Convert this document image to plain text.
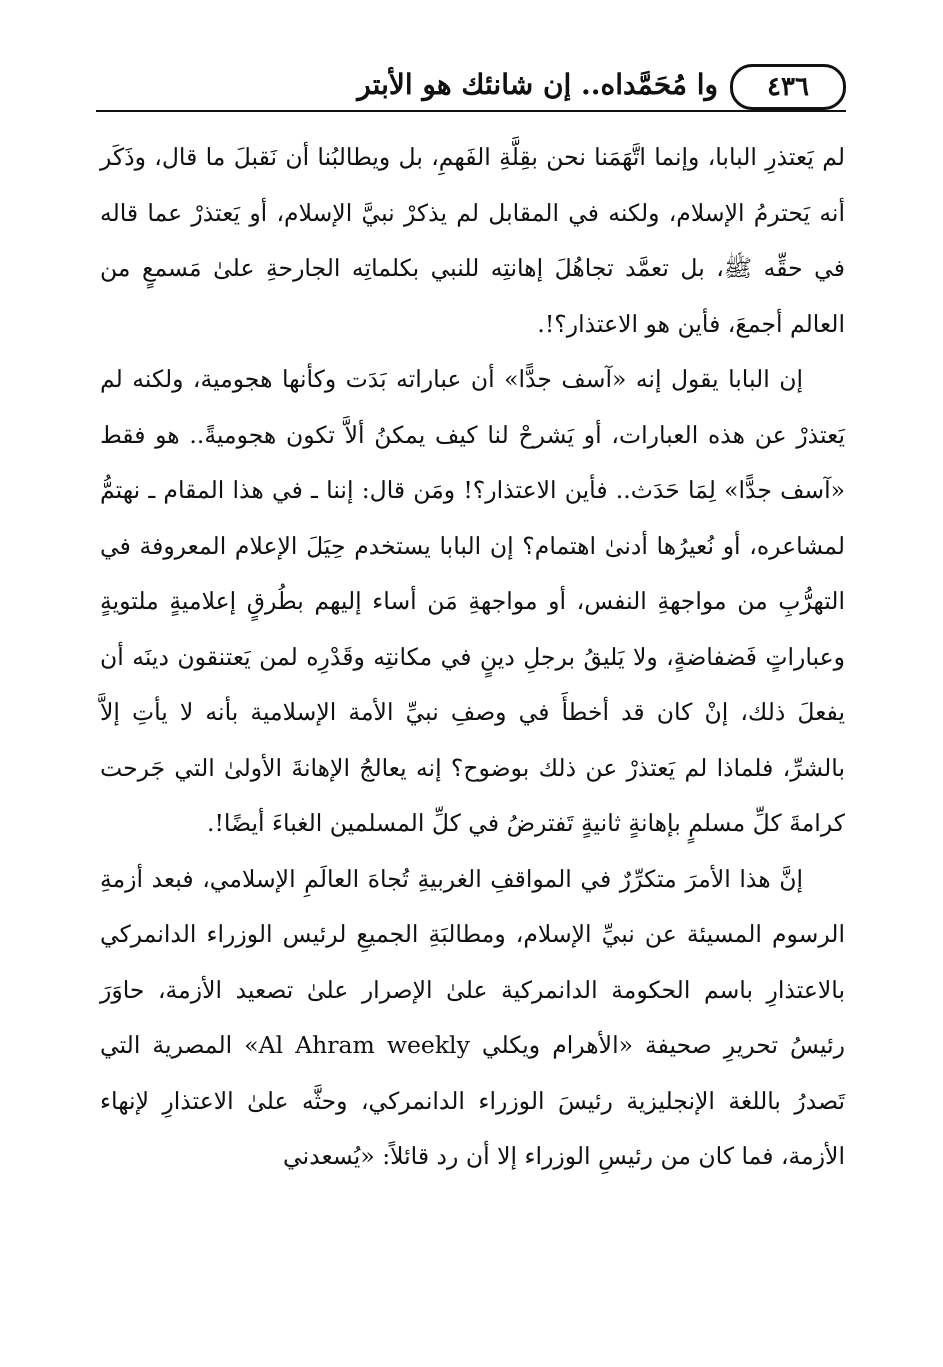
وا مُحَمَّداه.. إن شانئك هو الأبتر ٤٣٦

لم يَعتذرِ البابا، وإنما اتَّهَمَنا نحن بقِلَّةِ الفَهمِ، بل ويطالبُنا أن نَقبلَ ما قال، وذَكَر أنه يَحترمُ الإسلام، ولكنه في المقابل لم يذكرْ نبيَّ الإسلام، أو يَعتذرْ عما قاله في حقِّه ﷺ، بل تعمَّد تجاهُلَ إهانتِه للنبي بكلماتِه الجارحةِ علىٰ مَسمعٍ من العالم أجمعَ، فأين هو الاعتذار؟!.

إن البابا يقول إنه «آسف جدًّا» أن عباراته بَدَت وكأنها هجومية، ولكنه لم يَعتذرْ عن هذه العبارات، أو يَشرحْ لنا كيف يمكنُ ألاَّ تكون هجوميةً.. هو فقط «آسف جدًّا» لِمَا حَدَث.. فأين الاعتذار؟! ومَن قال: إننا ـ في هذا المقام ـ نهتمُّ لمشاعره، أو نُعيرُها أدنىٰ اهتمام؟ إن البابا يستخدم حِيَلَ الإعلام المعروفة في التهرُّبِ من مواجهةِ النفس، أو مواجهةِ مَن أساء إليهم بطُرقٍ إعلاميةٍ ملتويةٍ وعباراتٍ فَضفاضةٍ، ولا يَليقُ برجلِ دينٍ في مكانتِه وقَدْرِه لمن يَعتنقون دينَه أن يفعلَ ذلك، إنْ كان قد أخطأَ في وصفِ نبيِّ الأمة الإسلامية بأنه لا يأتِ إلاَّ بالشرِّ، فلماذا لم يَعتذرْ عن ذلك بوضوح؟ إنه يعالجُ الإهانةَ الأولىٰ التي جَرحت كرامةَ كلِّ مسلمٍ بإهانةٍ ثانيةٍ تَفترضُ في كلِّ المسلمين الغباءَ أيضًا!.

إنَّ هذا الأمرَ متكرِّرٌ في المواقفِ الغربيةِ تُجاهَ العالَمِ الإسلامي، فبعد أزمةِ الرسوم المسيئة عن نبيِّ الإسلام، ومطالبَةِ الجميعِ لرئيس الوزراء الدانمركي بالاعتذارِ باسم الحكومة الدانمركية علىٰ الإصرار علىٰ تصعيد الأزمة، حاوَرَ رئيسُ تحريرِ صحيفة «الأهرام ويكلي Al Ahram weekly» المصرية التي تَصدرُ باللغة الإنجليزية رئيسَ الوزراء الدانمركي، وحثَّه علىٰ الاعتذارِ لإنهاء الأزمة، فما كان من رئيسِ الوزراء إلا أن رد قائلاً: «يُسعدني
